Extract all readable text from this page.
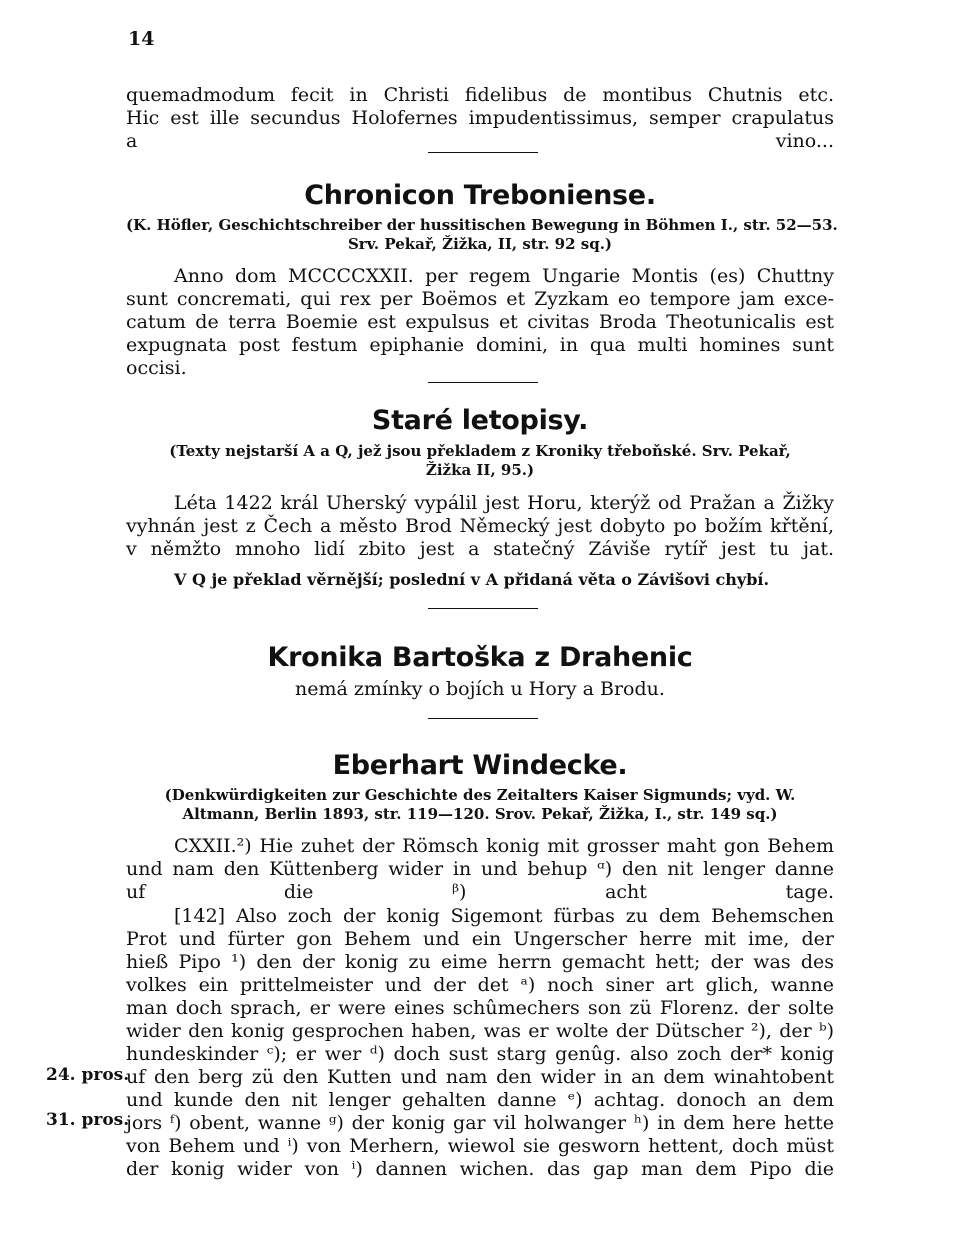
14
quemadmodum fecit in Christi fidelibus de montibus Chutnis etc.
Hic est ille secundus Holofernes impudentissimus, semper crapulatus
a vino...
Chronicon Treboniense.
(K. Höfler, Geschichtschreiber der hussitischen Bewegung in Böhmen I., str. 52—53.
Srv. Pekař, Žižka, II, str. 92 sq.)
Anno dom MCCCCXXII. per regem Ungarie Montis (es) Chuttny
sunt concremati, qui rex per Boëmos et Zyzkam eo tempore jam exce-
catum de terra Boemie est expulsus et civitas Broda Theotunicalis est
expugnata post festum epiphanie domini, in qua multi homines sunt
occisi.
Staré letopisy.
(Texty nejstarší A a Q, jež jsou překladem z Kroniky třeboňské. Srv. Pekař,
Žižka II, 95.)
Léta 1422 král Uherský vypálil jest Horu, kterýž od Pražan a Žižky
vyhnán jest z Čech a město Brod Německý jest dobyto po božím křtění,
v němžto mnoho lidí zbito jest a statečný Záviše rytíř jest tu jat.
V Q je překlad věrnější; poslední v A přidaná věta o Závišovi chybí.
Kronika Bartoška z Drahenic
nemá zmínky o bojích u Hory a Brodu.
Eberhart Windecke.
(Denkwürdigkeiten zur Geschichte des Zeitalters Kaiser Sigmunds; vyd. W.
Altmann, Berlin 1893, str. 119—120. Srov. Pekař, Žižka, I., str. 149 sq.)
CXXII.²) Hie zuhet der Römsch konig mit grosser maht gon Behem
und nam den Küttenberg wider in und behup ᵅ) den nit lenger danne
uf die ᵝ) acht tage.
[142] Also zoch der konig Sigemont fürbas zu dem Behemschen
Prot und fürter gon Behem und ein Ungerscher herre mit ime, der
hieß Pipo ¹) den der konig zu eime herrn gemacht hett; der was des
volkes ein prittelmeister und der det ᵃ) noch siner art glich, wanne
man doch sprach, er were eines schûmechers son zü Florenz. der solte
wider den konig gesprochen haben, was er wolte der Dütscher ²), der ᵇ)
hundeskinder ᶜ); er wer ᵈ) doch sust starg genûg. also zoch der* konig
uf den berg zü den Kutten und nam den wider in an dem winahtobent
und kunde den nit lenger gehalten danne ᵉ) achtag. donoch an dem
jors ᶠ) obent, wanne ᵍ) der konig gar vil holwanger ʰ) in dem here hette
von Behem und ⁱ) von Merhern, wiewol sie gesworn hettent, doch müst
der konig wider von ⁱ) dannen wichen. das gap man dem Pipo die
24. pros.
31. pros.
